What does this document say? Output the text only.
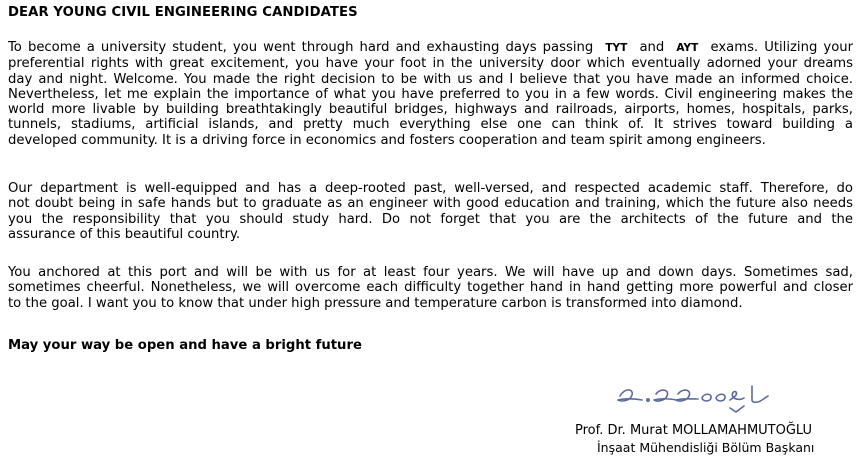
DEAR YOUNG CIVIL ENGINEERING CANDIDATES
To become a university student, you went through hard and exhausting days passing TYT and AYT exams. Utilizing your
preferential rights with great excitement, you have your foot in the university door which eventually adorned your dreams
day and night. Welcome. You made the right decision to be with us and I believe that you have made an informed choice.
Nevertheless, let me explain the importance of what you have preferred to you in a few words. Civil engineering makes the
world more livable by building breathtakingly beautiful bridges, highways and railroads, airports, homes, hospitals, parks,
tunnels, stadiums, artificial islands, and pretty much everything else one can think of. It strives toward building a
developed community. It is a driving force in economics and fosters cooperation and team spirit among engineers.
Our department is well-equipped and has a deep-rooted past, well-versed, and respected academic staff. Therefore, do
not doubt being in safe hands but to graduate as an engineer with good education and training, which the future also needs
you the responsibility that you should study hard. Do not forget that you are the architects of the future and the
assurance of this beautiful country.
You anchored at this port and will be with us for at least four years. We will have up and down days. Sometimes sad,
sometimes cheerful. Nonetheless, we will overcome each difficulty together hand in hand getting more powerful and closer
to the goal. I want you to know that under high pressure and temperature carbon is transformed into diamond.
May your way be open and have a bright future
Prof. Dr. Murat MOLLAMAHMUTOĞLU
İnşaat Mühendisliği Bölüm Başkanı
